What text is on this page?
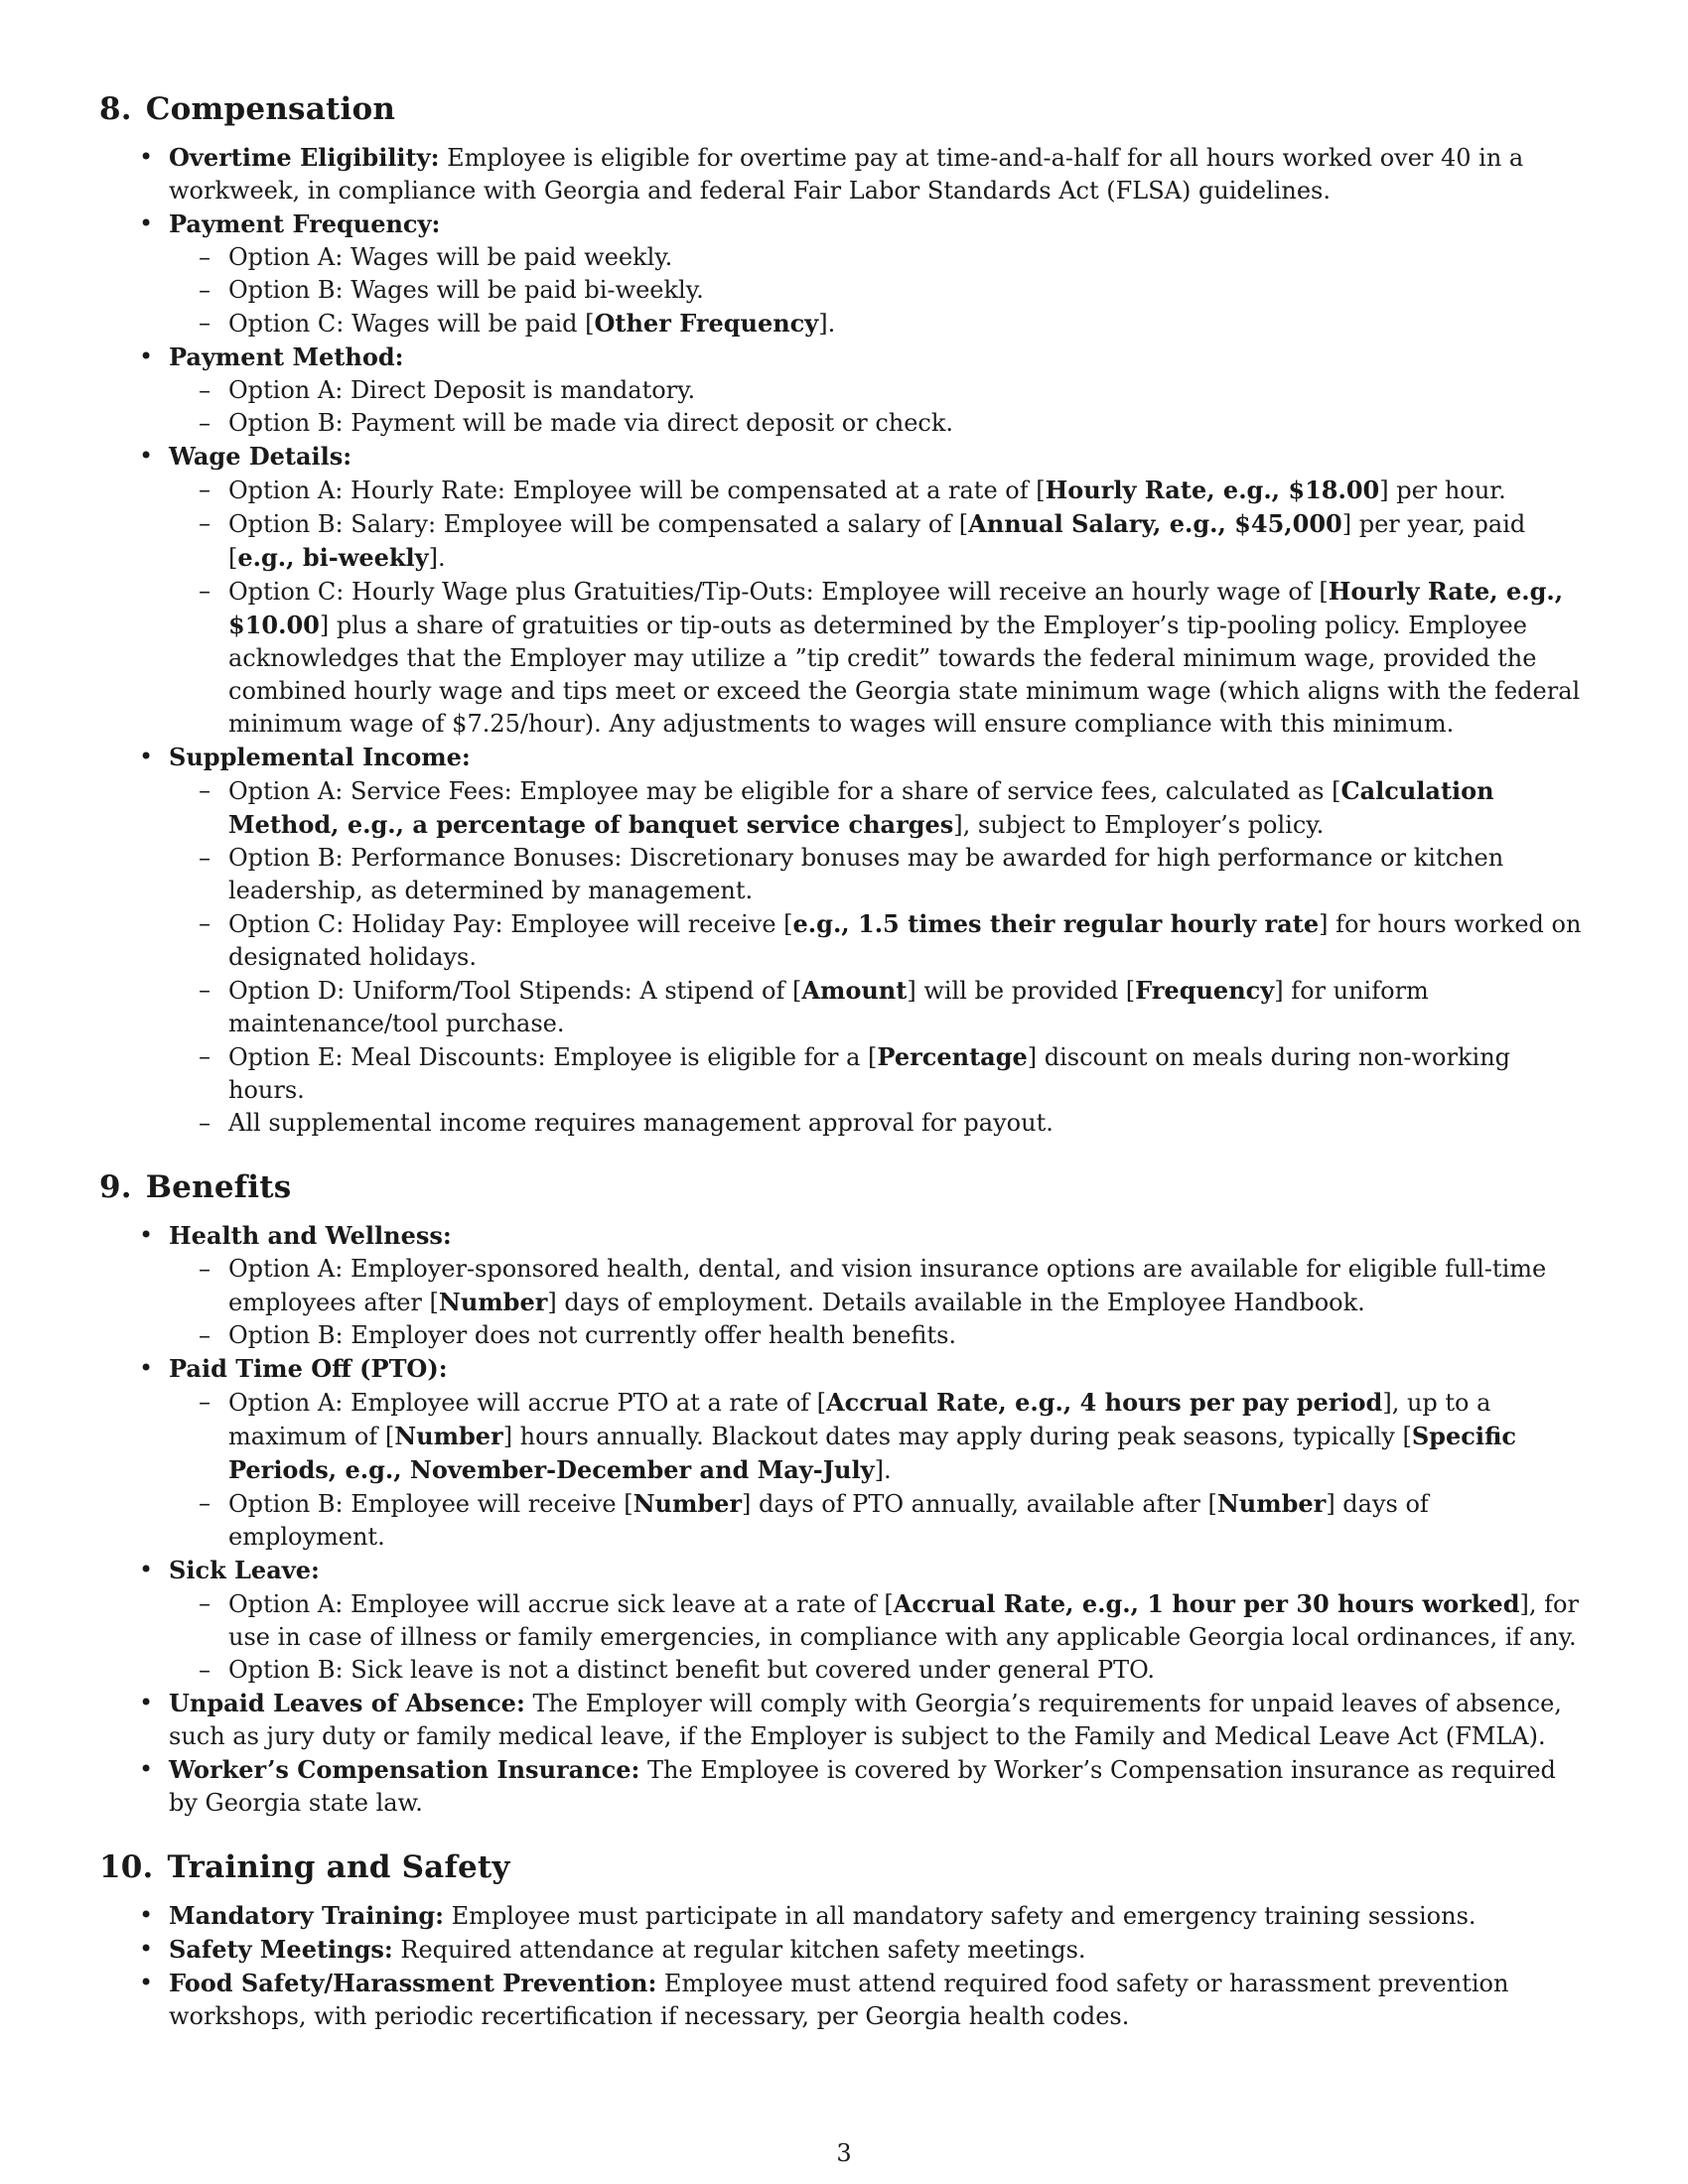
8. Compensation
• Overtime Eligibility: Employee is eligible for overtime pay at time-and-a-half for all hours worked over 40 in a workweek, in compliance with Georgia and federal Fair Labor Standards Act (FLSA) guidelines.
• Payment Frequency:
– Option A: Wages will be paid weekly.
– Option B: Wages will be paid bi-weekly.
– Option C: Wages will be paid [Other Frequency].
• Payment Method:
– Option A: Direct Deposit is mandatory.
– Option B: Payment will be made via direct deposit or check.
• Wage Details:
– Option A: Hourly Rate: Employee will be compensated at a rate of [Hourly Rate, e.g., $18.00] per hour.
– Option B: Salary: Employee will be compensated a salary of [Annual Salary, e.g., $45,000] per year, paid [e.g., bi-weekly].
– Option C: Hourly Wage plus Gratuities/Tip-Outs: Employee will receive an hourly wage of [Hourly Rate, e.g., $10.00] plus a share of gratuities or tip-outs as determined by the Employer’s tip-pooling policy. Employee acknowledges that the Employer may utilize a ”tip credit” towards the federal minimum wage, provided the combined hourly wage and tips meet or exceed the Georgia state minimum wage (which aligns with the federal minimum wage of $7.25/hour). Any adjustments to wages will ensure compliance with this minimum.
• Supplemental Income:
– Option A: Service Fees: Employee may be eligible for a share of service fees, calculated as [Calculation Method, e.g., a percentage of banquet service charges], subject to Employer’s policy.
– Option B: Performance Bonuses: Discretionary bonuses may be awarded for high performance or kitchen leadership, as determined by management.
– Option C: Holiday Pay: Employee will receive [e.g., 1.5 times their regular hourly rate] for hours worked on designated holidays.
– Option D: Uniform/Tool Stipends: A stipend of [Amount] will be provided [Frequency] for uniform maintenance/tool purchase.
– Option E: Meal Discounts: Employee is eligible for a [Percentage] discount on meals during non-working hours.
– All supplemental income requires management approval for payout.
9. Benefits
• Health and Wellness:
– Option A: Employer-sponsored health, dental, and vision insurance options are available for eligible full-time employees after [Number] days of employment. Details available in the Employee Handbook.
– Option B: Employer does not currently offer health benefits.
• Paid Time Off (PTO):
– Option A: Employee will accrue PTO at a rate of [Accrual Rate, e.g., 4 hours per pay period], up to a maximum of [Number] hours annually. Blackout dates may apply during peak seasons, typically [Specific Periods, e.g., November-December and May-July].
– Option B: Employee will receive [Number] days of PTO annually, available after [Number] days of employment.
• Sick Leave:
– Option A: Employee will accrue sick leave at a rate of [Accrual Rate, e.g., 1 hour per 30 hours worked], for use in case of illness or family emergencies, in compliance with any applicable Georgia local ordinances, if any.
– Option B: Sick leave is not a distinct benefit but covered under general PTO.
• Unpaid Leaves of Absence: The Employer will comply with Georgia’s requirements for unpaid leaves of absence, such as jury duty or family medical leave, if the Employer is subject to the Family and Medical Leave Act (FMLA).
• Worker’s Compensation Insurance: The Employee is covered by Worker’s Compensation insurance as required by Georgia state law.
10. Training and Safety
• Mandatory Training: Employee must participate in all mandatory safety and emergency training sessions.
• Safety Meetings: Required attendance at regular kitchen safety meetings.
• Food Safety/Harassment Prevention: Employee must attend required food safety or harassment prevention workshops, with periodic recertification if necessary, per Georgia health codes.
3
